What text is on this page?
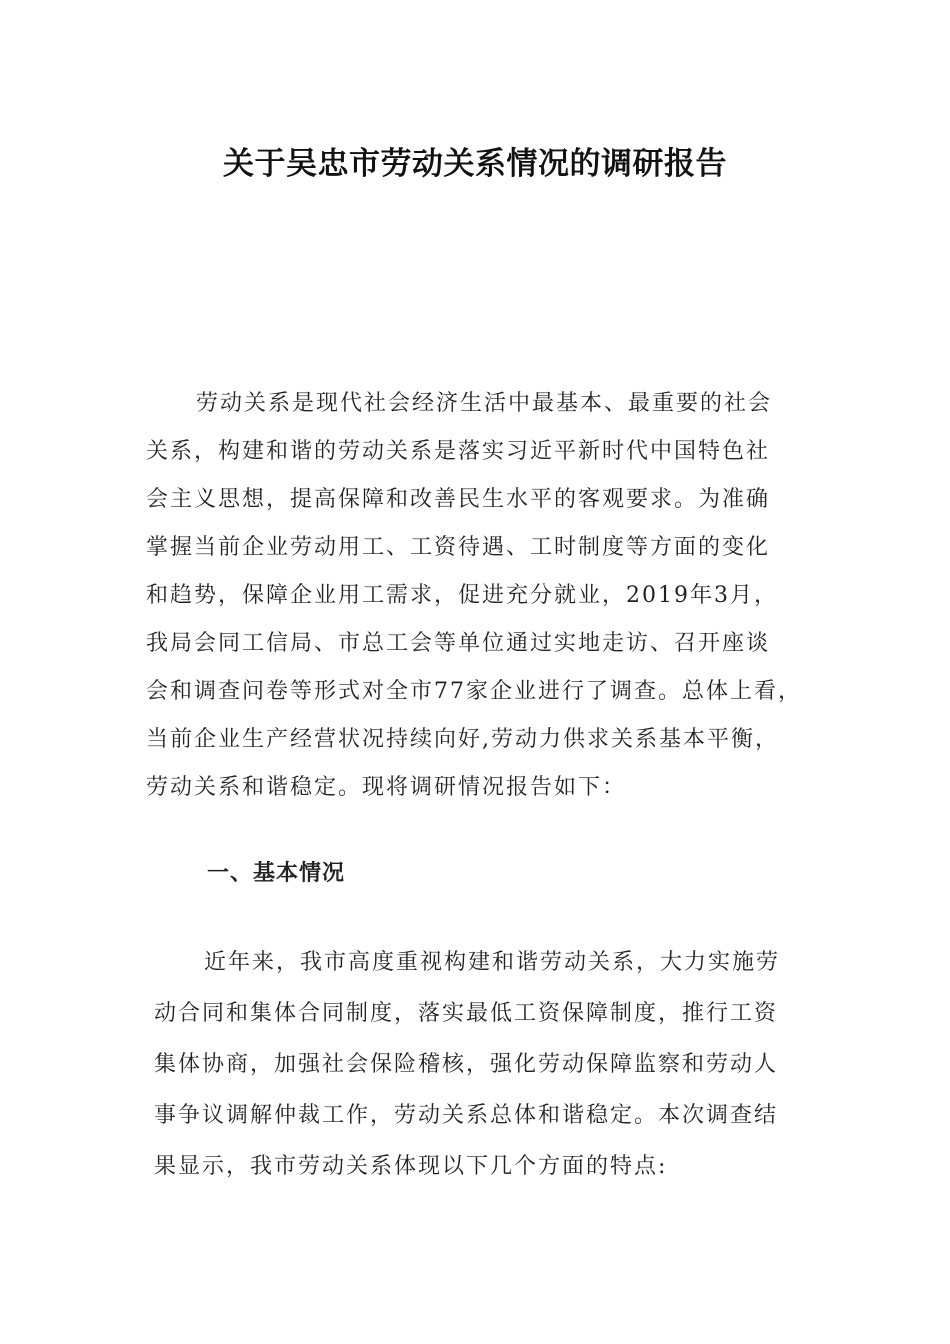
关于吴忠市劳动关系情况的调研报告
劳动关系是现代社会经济生活中最基本、最重要的社会
关系，构建和谐的劳动关系是落实习近平新时代中国特色社
会主义思想，提高保障和改善民生水平的客观要求。为准确
掌握当前企业劳动用工、工资待遇、工时制度等方面的变化
和趋势，保障企业用工需求，促进充分就业，2019年3月，
我局会同工信局、市总工会等单位通过实地走访、召开座谈
会和调查问卷等形式对全市77家企业进行了调查。总体上看，
当前企业生产经营状况持续向好,劳动力供求关系基本平衡，
劳动关系和谐稳定。现将调研情况报告如下：
一、基本情况
近年来，我市高度重视构建和谐劳动关系，大力实施劳
动合同和集体合同制度，落实最低工资保障制度，推行工资
集体协商，加强社会保险稽核，强化劳动保障监察和劳动人
事争议调解仲裁工作，劳动关系总体和谐稳定。本次调查结
果显示，我市劳动关系体现以下几个方面的特点:
